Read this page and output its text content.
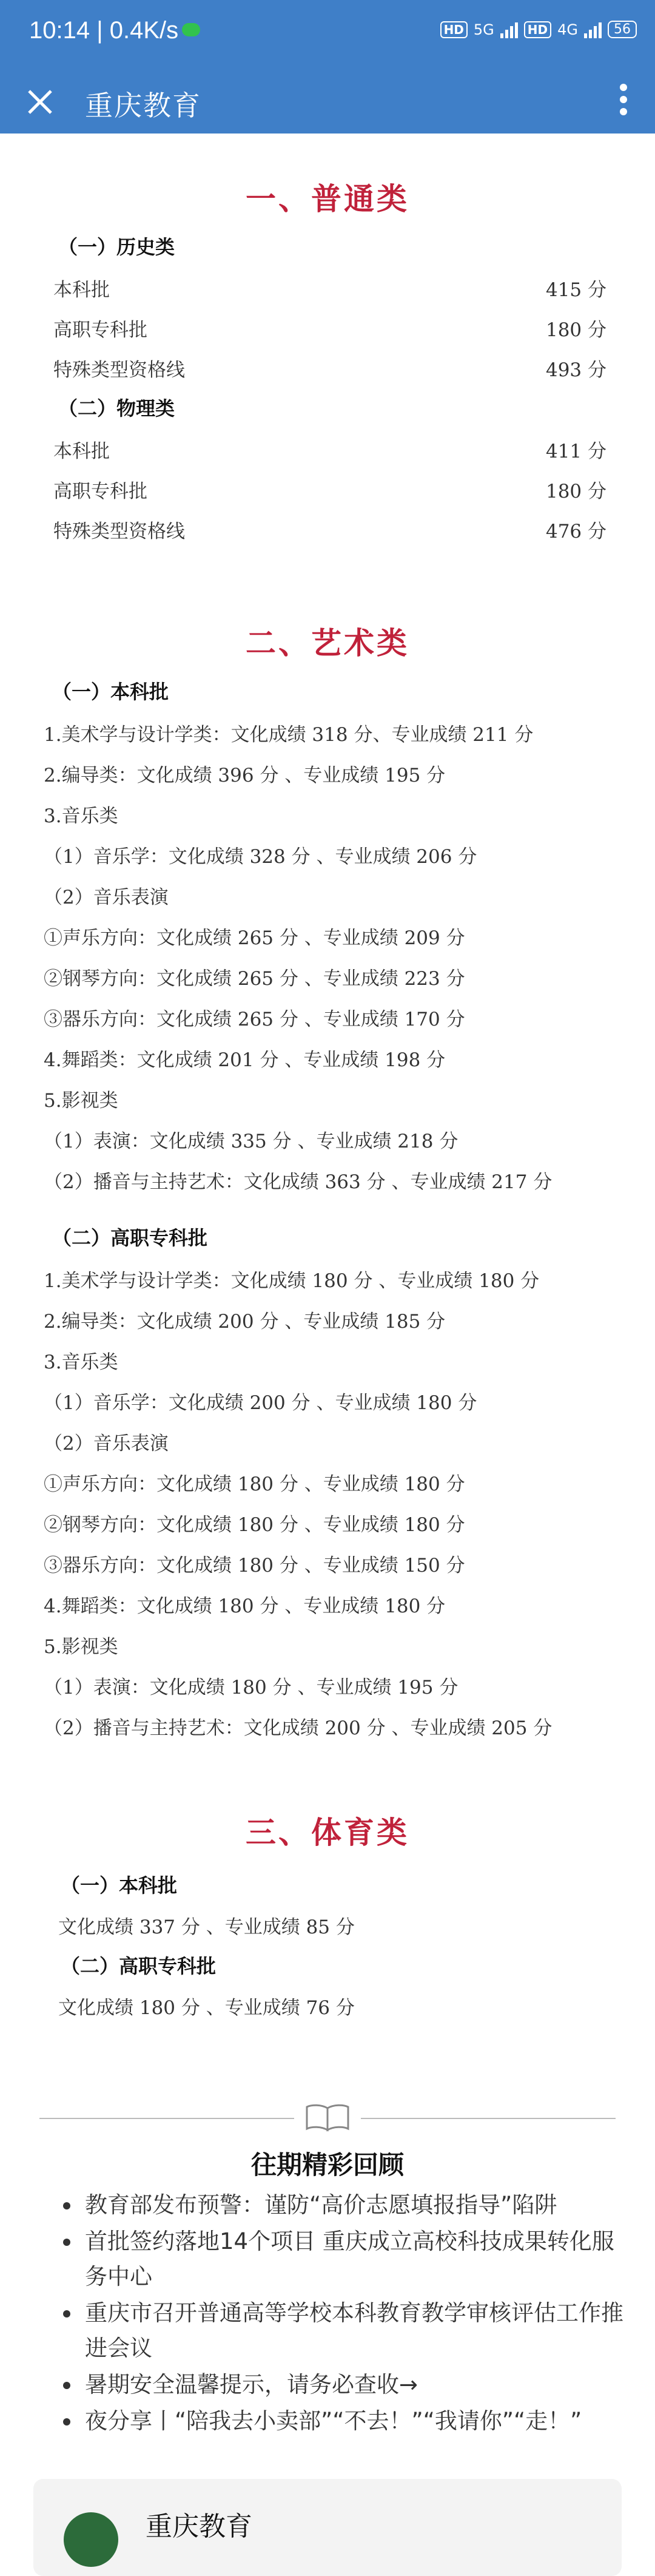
10:14 | 0.4K/s	HD 5G	HD 4G	56
重庆教育
一、普通类
（一）历史类
本科批	415 分
高职专科批	180 分
特殊类型资格线	493 分
（二）物理类
本科批	411 分
高职专科批	180 分
特殊类型资格线	476 分
二、艺术类
（一）本科批
1.美术学与设计学类：文化成绩 318 分、专业成绩 211 分
2.编导类：文化成绩 396 分 、专业成绩 195 分
3.音乐类
（1）音乐学：文化成绩 328 分 、专业成绩 206 分
（2）音乐表演
①声乐方向：文化成绩 265 分 、专业成绩 209 分
②钢琴方向：文化成绩 265 分 、专业成绩 223 分
③器乐方向：文化成绩 265 分 、专业成绩 170 分
4.舞蹈类：文化成绩 201 分 、专业成绩 198 分
5.影视类
（1）表演：文化成绩 335 分 、专业成绩 218 分
（2）播音与主持艺术：文化成绩 363 分 、专业成绩 217 分
（二）高职专科批
1.美术学与设计学类：文化成绩 180 分 、专业成绩 180 分
2.编导类：文化成绩 200 分 、专业成绩 185 分
3.音乐类
（1）音乐学：文化成绩 200 分 、专业成绩 180 分
（2）音乐表演
①声乐方向：文化成绩 180 分 、专业成绩 180 分
②钢琴方向：文化成绩 180 分 、专业成绩 180 分
③器乐方向：文化成绩 180 分 、专业成绩 150 分
4.舞蹈类：文化成绩 180 分 、专业成绩 180 分
5.影视类
（1）表演：文化成绩 180 分 、专业成绩 195 分
（2）播音与主持艺术：文化成绩 200 分 、专业成绩 205 分
三、体育类
（一）本科批
文化成绩 337 分 、专业成绩 85 分
（二）高职专科批
文化成绩 180 分 、专业成绩 76 分
往期精彩回顾
教育部发布预警：谨防“高价志愿填报指导”陷阱
首批签约落地14个项目 重庆成立高校科技成果转化服务中心
重庆市召开普通高等学校本科教育教学审核评估工作推进会议
暑期安全温馨提示，请务必查收→
夜分享丨“陪我去小卖部”“不去！”“我请你”“走！”
重庆教育
